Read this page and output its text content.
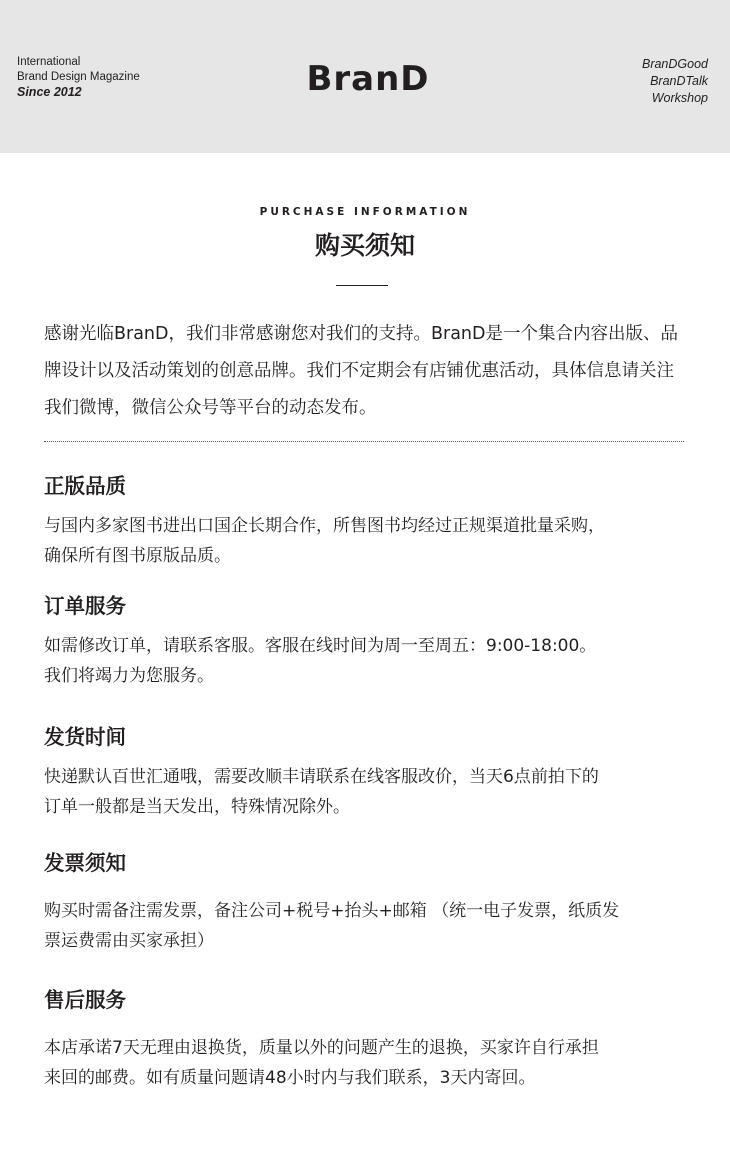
International
Brand Design Magazine
Since 2012	BranD	BranDGood
BranDTalk
Workshop
PURCHASE INFORMATION
购买须知
感谢光临BranD，我们非常感谢您对我们的支持。BranD是一个集合内容出版、品牌设计以及活动策划的创意品牌。我们不定期会有店铺优惠活动，具体信息请关注我们微博，微信公众号等平台的动态发布。
正版品质
与国内多家图书进出口国企长期合作，所售图书均经过正规渠道批量采购，
确保所有图书原版品质。
订单服务
如需修改订单，请联系客服。客服在线时间为周一至周五：9:00-18:00。
我们将竭力为您服务。
发货时间
快递默认百世汇通哦，需要改顺丰请联系在线客服改价，当天6点前拍下的
订单一般都是当天发出，特殊情况除外。
发票须知
购买时需备注需发票，备注公司+税号+抬头+邮箱 （统一电子发票，纸质发
票运费需由买家承担）
售后服务
本店承诺7天无理由退换货，质量以外的问题产生的退换，买家许自行承担
来回的邮费。如有质量问题请48小时内与我们联系，3天内寄回。
